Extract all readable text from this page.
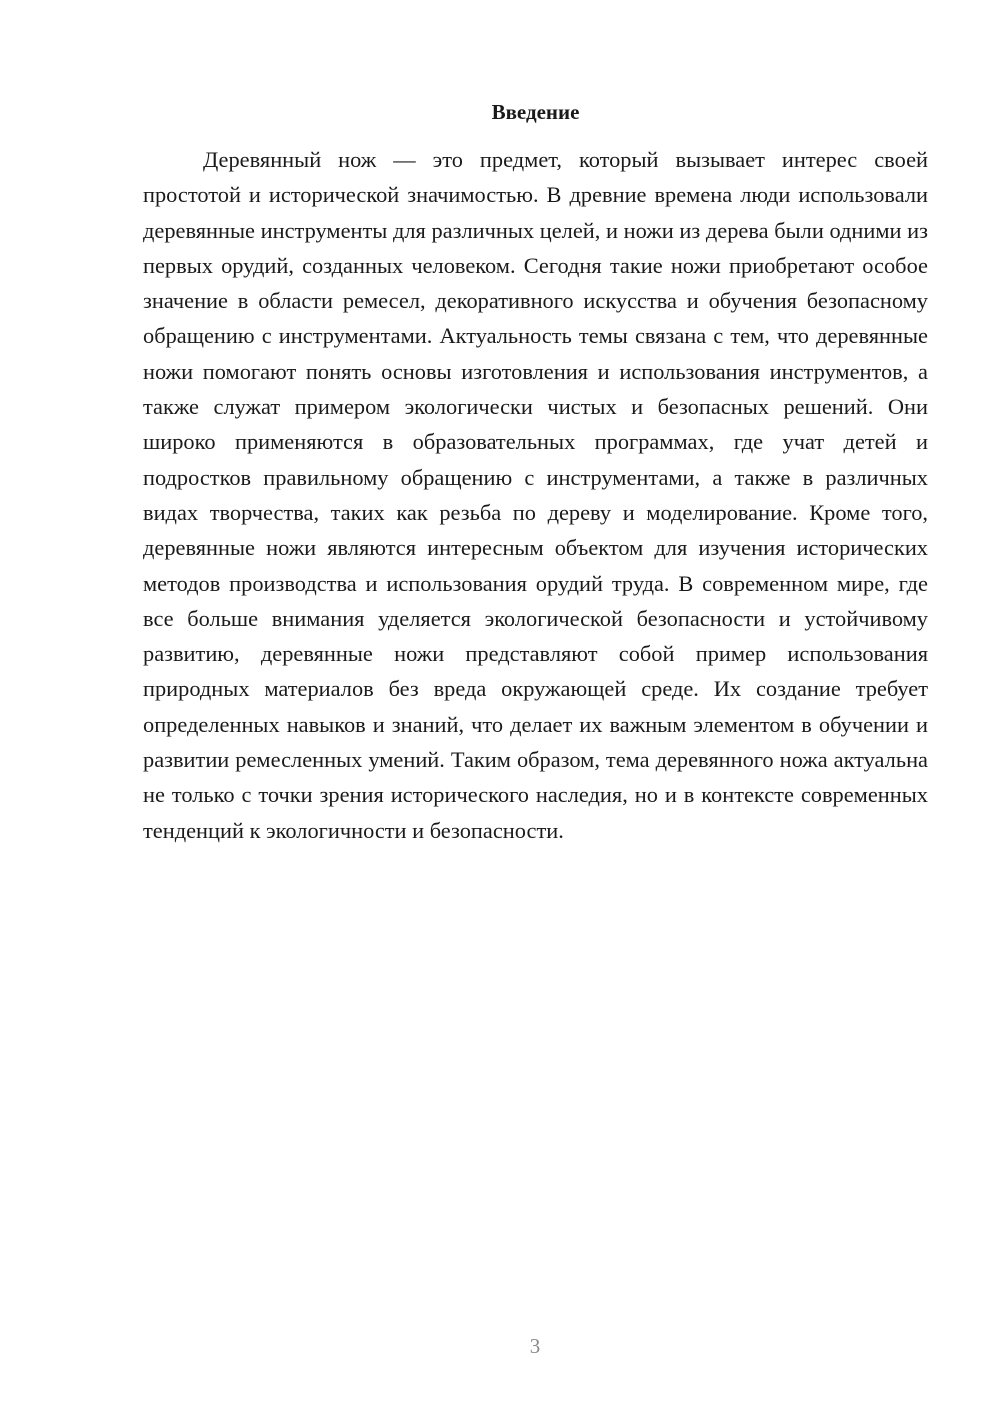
Введение

Деревянный нож — это предмет, который вызывает интерес своей простотой и исторической значимостью. В древние времена люди использовали деревянные инструменты для различных целей, и ножи из дерева были одними из первых орудий, созданных человеком. Сегодня такие ножи приобретают особое значение в области ремесел, декоративного искусства и обучения безопасному обращению с инструментами. Актуальность темы связана с тем, что деревянные ножи помогают понять основы изготовления и использования инструментов, а также служат примером экологически чистых и безопасных решений. Они широко применяются в образовательных программах, где учат детей и подростков правильному обращению с инструментами, а также в различных видах творчества, таких как резьба по дереву и моделирование. Кроме того, деревянные ножи являются интересным объектом для изучения исторических методов производства и использования орудий труда. В современном мире, где все больше внимания уделяется экологической безопасности и устойчивому развитию, деревянные ножи представляют собой пример использования природных материалов без вреда окружающей среде. Их создание требует определенных навыков и знаний, что делает их важным элементом в обучении и развитии ремесленных умений. Таким образом, тема деревянного ножа актуальна не только с точки зрения исторического наследия, но и в контексте современных тенденций к экологичности и безопасности.

3
